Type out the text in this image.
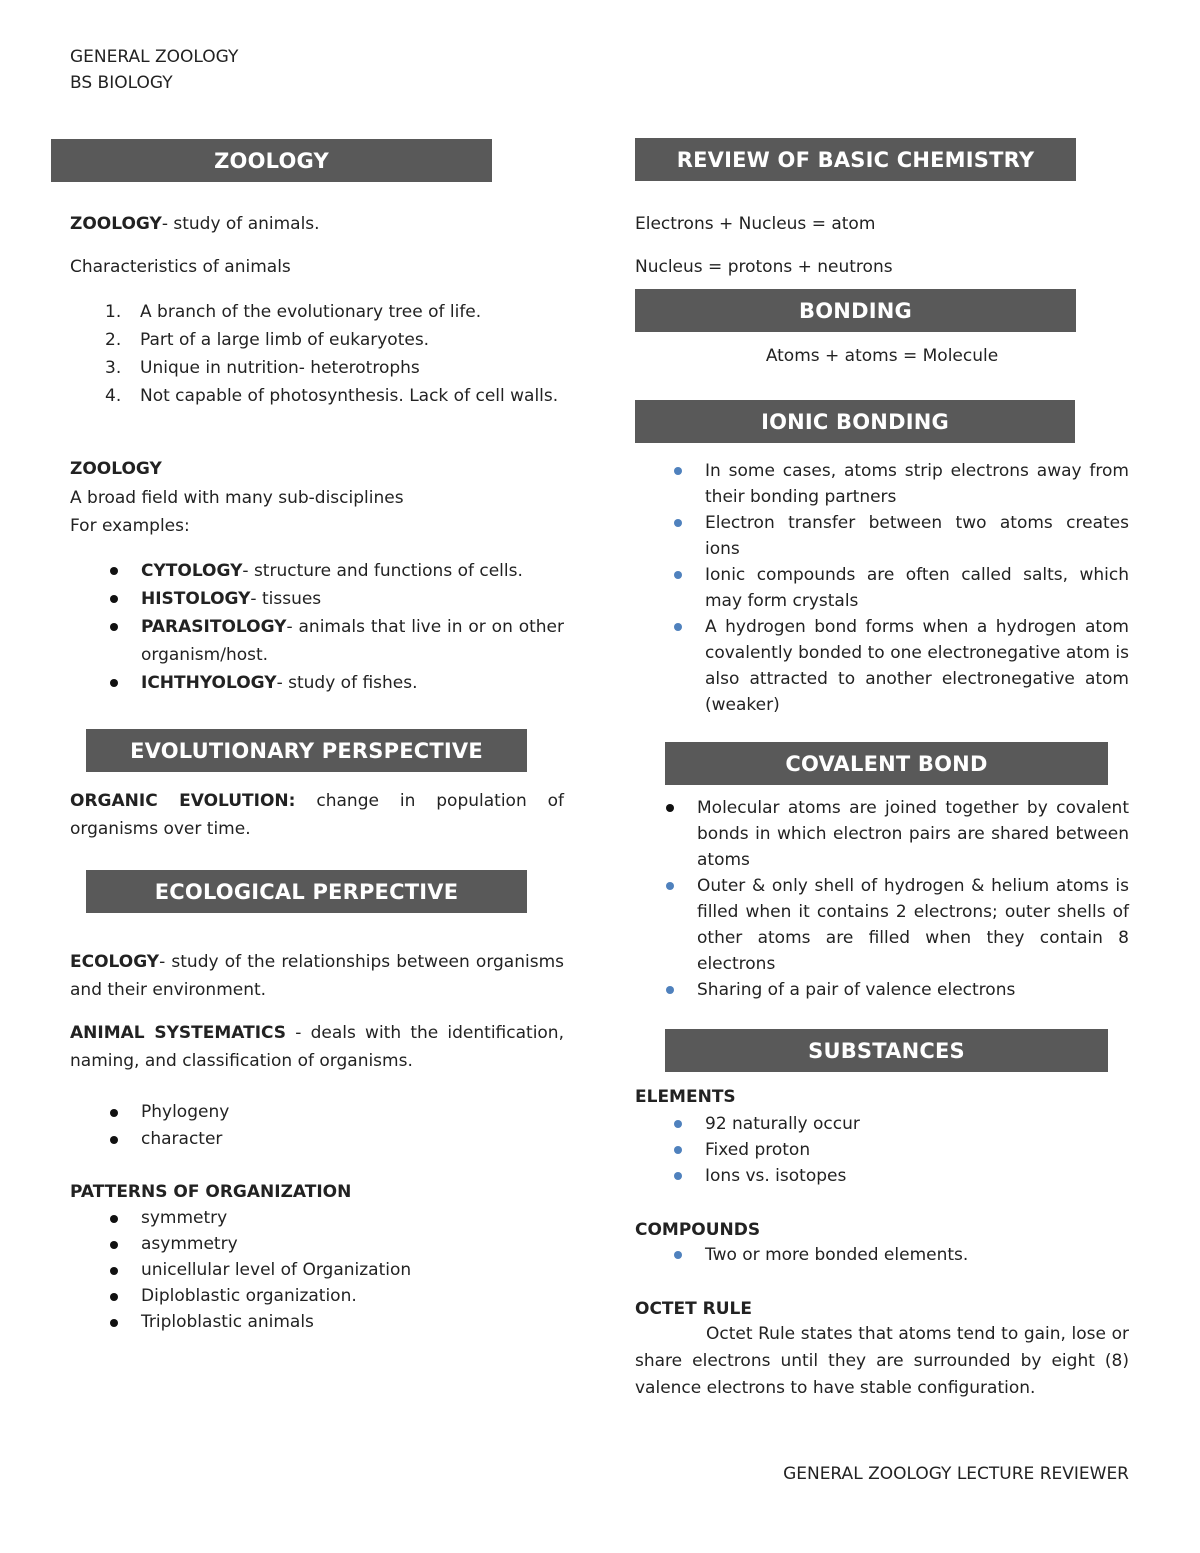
GENERAL ZOOLOGY
BS BIOLOGY
ZOOLOGY
ZOOLOGY- study of animals.
Characteristics of animals
1. A branch of the evolutionary tree of life.
2. Part of a large limb of eukaryotes.
3. Unique in nutrition- heterotrophs
4. Not capable of photosynthesis. Lack of cell walls.
ZOOLOGY
A broad field with many sub-disciplines
For examples:
CYTOLOGY- structure and functions of cells.
HISTOLOGY- tissues
PARASITOLOGY- animals that live in or on other organism/host.
ICHTHYOLOGY- study of fishes.
EVOLUTIONARY PERSPECTIVE
ORGANIC EVOLUTION: change in population of organisms over time.
ECOLOGICAL PERPECTIVE
ECOLOGY- study of the relationships between organisms and their environment.
ANIMAL SYSTEMATICS - deals with the identification, naming, and classification of organisms.
Phylogeny
character
PATTERNS OF ORGANIZATION
symmetry
asymmetry
unicellular level of Organization
Diploblastic organization.
Triploblastic animals
REVIEW OF BASIC CHEMISTRY
Electrons + Nucleus = atom
Nucleus = protons + neutrons
BONDING
Atoms + atoms = Molecule
IONIC BONDING
In some cases, atoms strip electrons away from their bonding partners
Electron transfer between two atoms creates ions
Ionic compounds are often called salts, which may form crystals
A hydrogen bond forms when a hydrogen atom covalently bonded to one electronegative atom is also attracted to another electronegative atom (weaker)
COVALENT BOND
Molecular atoms are joined together by covalent bonds in which electron pairs are shared between atoms
Outer & only shell of hydrogen & helium atoms is filled when it contains 2 electrons; outer shells of other atoms are filled when they contain 8 electrons
Sharing of a pair of valence electrons
SUBSTANCES
ELEMENTS
92 naturally occur
Fixed proton
Ions vs. isotopes
COMPOUNDS
Two or more bonded elements.
OCTET RULE
Octet Rule states that atoms tend to gain, lose or share electrons until they are surrounded by eight (8) valence electrons to have stable configuration.
GENERAL ZOOLOGY LECTURE REVIEWER
